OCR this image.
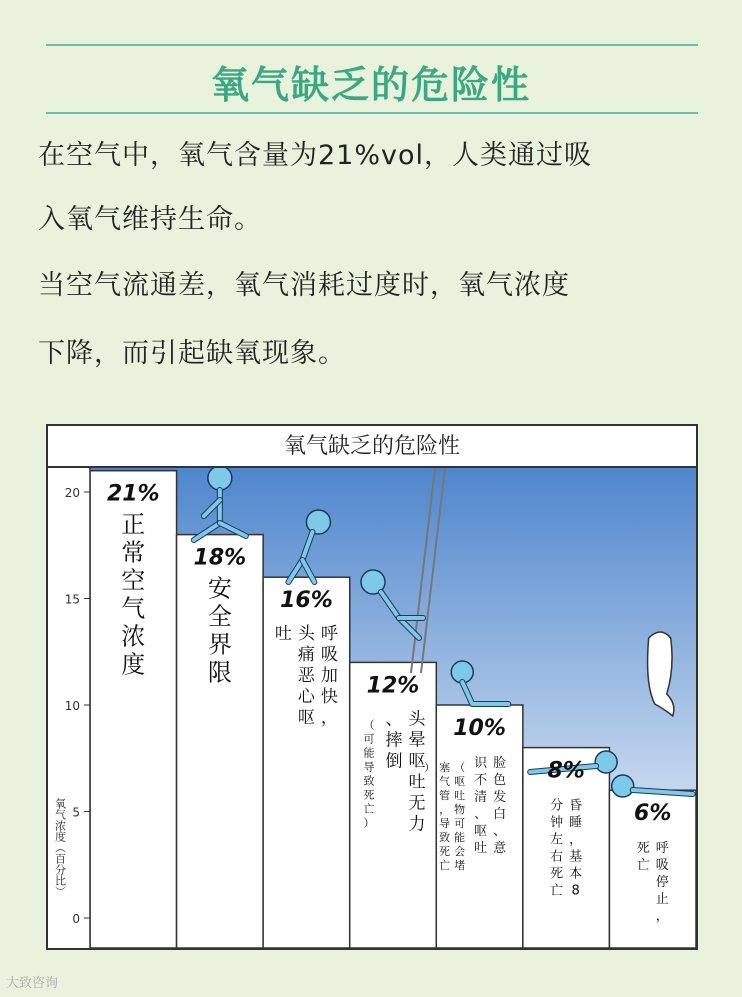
氧气缺乏的危险性
在空气中，氧气含量为21%vol，人类通过吸
入氧气维持生命。
当空气流通差，氧气消耗过度时，氧气浓度
下降，而引起缺氧现象。
氧气缺乏的危险性
0
5
10
15
20
氧气浓度（百分比）
21%
正
常
空
气
浓
度
18%
安
全
界
限
16%
呼
吸
加
快
，
头
痛
恶
心
呕
吐
12%
头
晕
呕
吐
无
力
、
摔
倒
（
可
能
导
致
死
亡
）
10%
脸
色
发
白
、
意
识
不
清
、
呕
吐
（
呕
吐
物
可
能
会
堵
塞
气
管
，
导
致
死
亡
）	8%
昏
睡
，
基
本
8
分
钟
左
右
死
亡
6%
呼
吸
停
止
，
死
亡
大致咨询
